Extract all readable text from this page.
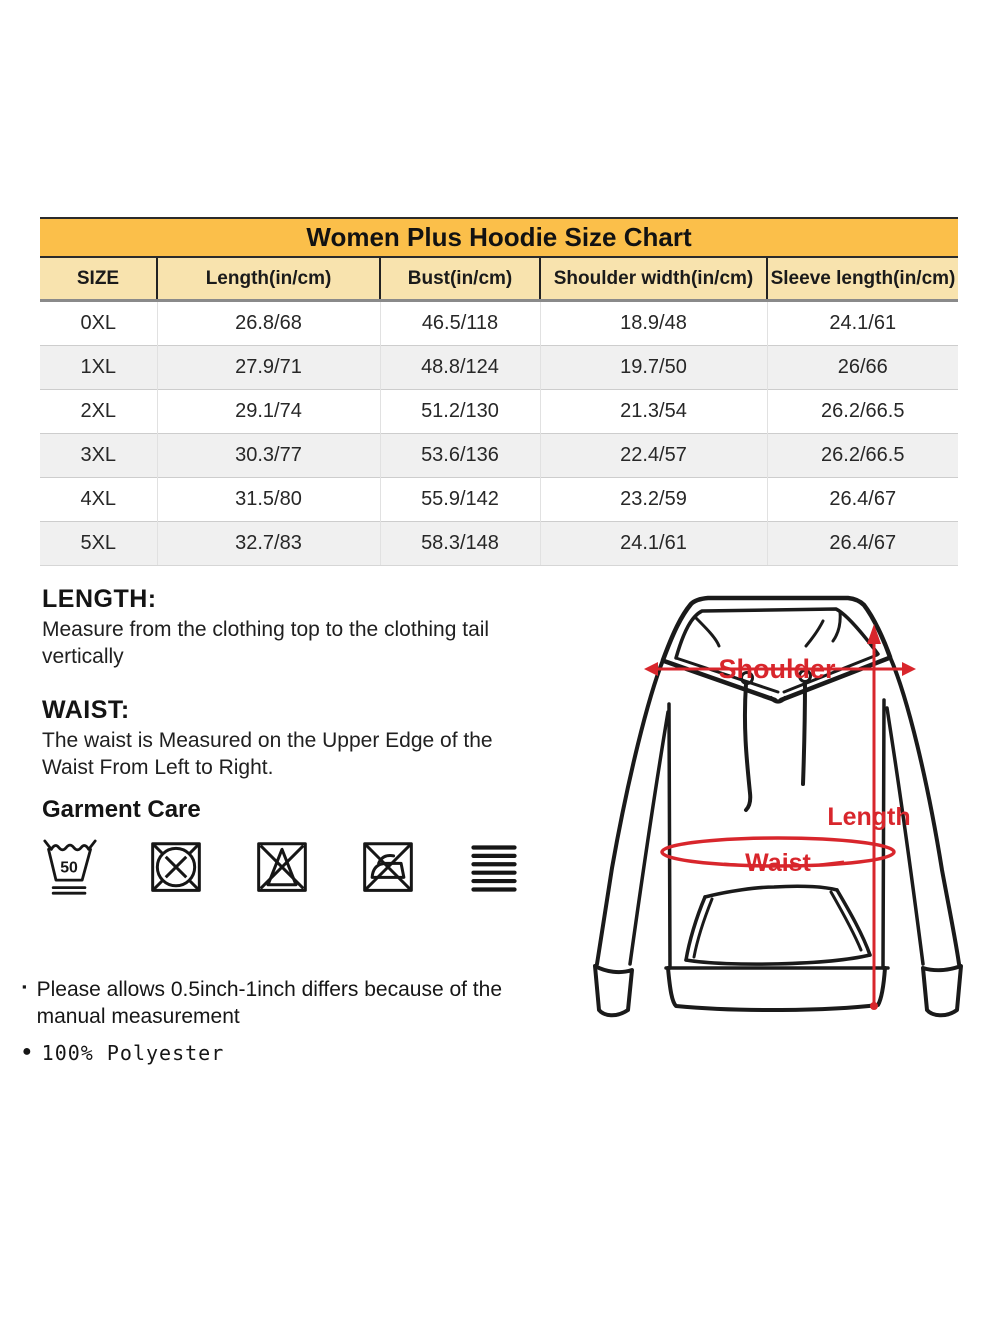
Women Plus Hoodie Size Chart
SIZE	Length(in/cm)	Bust(in/cm)	Shoulder width(in/cm)	Sleeve length(in/cm)
0XL	26.8/68	46.5/118	18.9/48	24.1/61
1XL	27.9/71	48.8/124	19.7/50	26/66
2XL	29.1/74	51.2/130	21.3/54	26.2/66.5
3XL	30.3/77	53.6/136	22.4/57	26.2/66.5
4XL	31.5/80	55.9/142	23.2/59	26.4/67
5XL	32.7/83	58.3/148	24.1/61	26.4/67
LENGTH:

Measure from the clothing top to the clothing tail vertically

WAIST:

The waist is Measured on the Upper Edge of the Waist From Left to Right.

Garment Care
50
▪ Please allows 0.5inch-1inch differs because of the manual measurement
● 100% Polyester
Shoulder
Length
Waist
